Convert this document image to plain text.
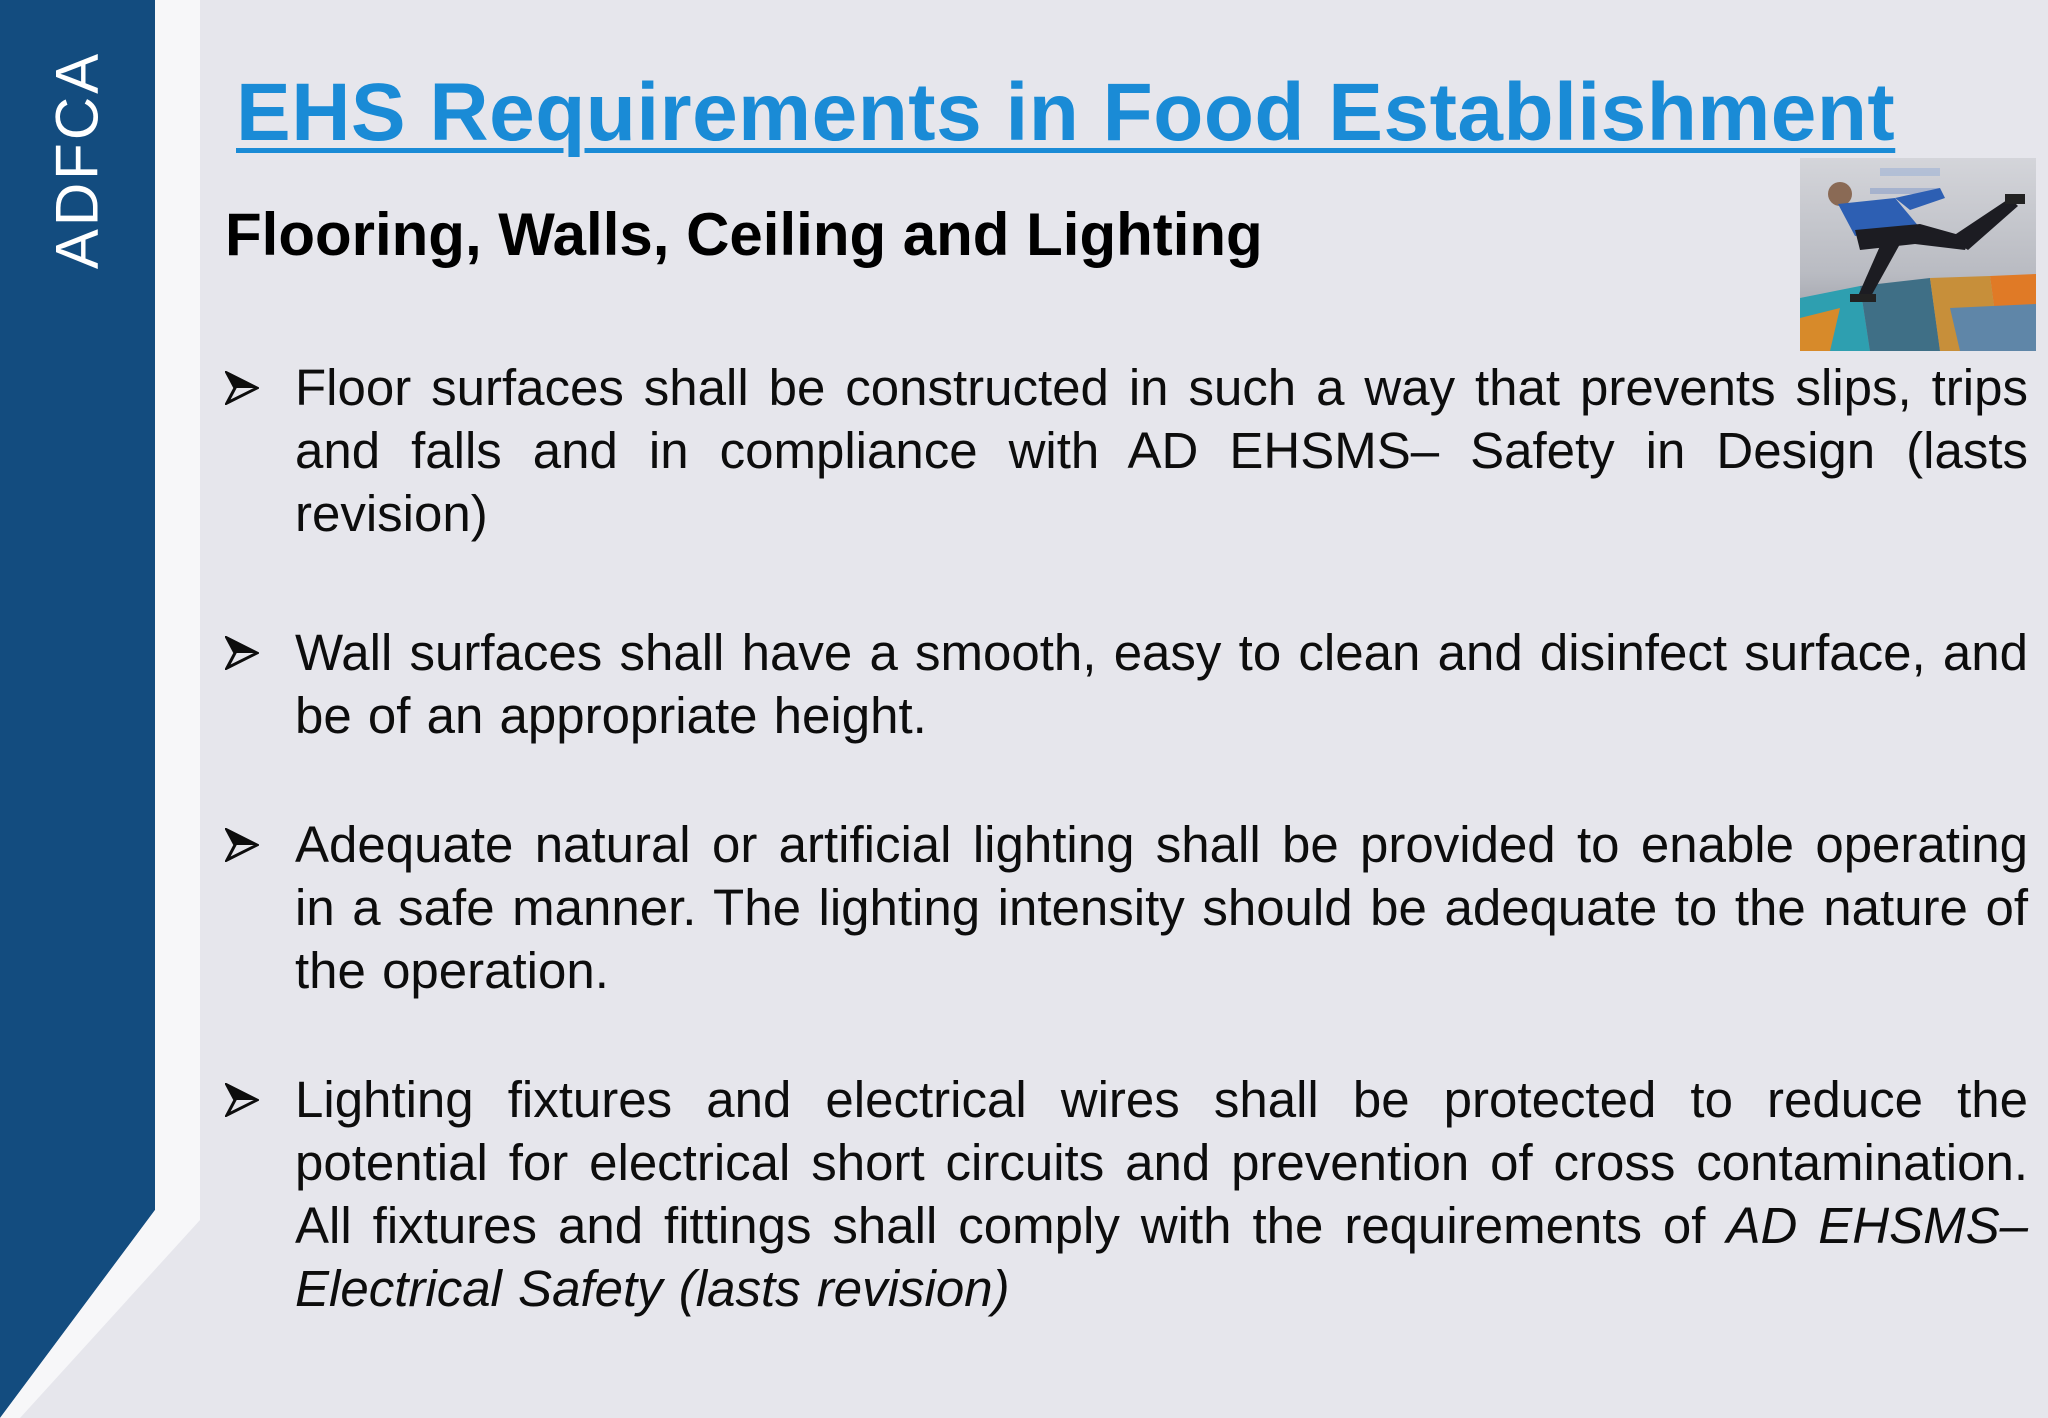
ADFCA EHS Requirements in Food Establishment
Flooring, Walls, Ceiling and Lighting
Floor surfaces shall be constructed in such a way that prevents slips, trips and falls and in compliance with AD EHSMS– Safety in Design (lasts revision)
Wall surfaces shall have a smooth, easy to clean and disinfect surface, and be of an appropriate height.
Adequate natural or artificial lighting shall be provided to enable operating in a safe manner. The lighting intensity should be adequate to the nature of the operation.
Lighting fixtures and electrical wires shall be protected to reduce the potential for electrical short circuits and prevention of cross contamination. All fixtures and fittings shall comply with the requirements of AD EHSMS– Electrical Safety (lasts revision)
